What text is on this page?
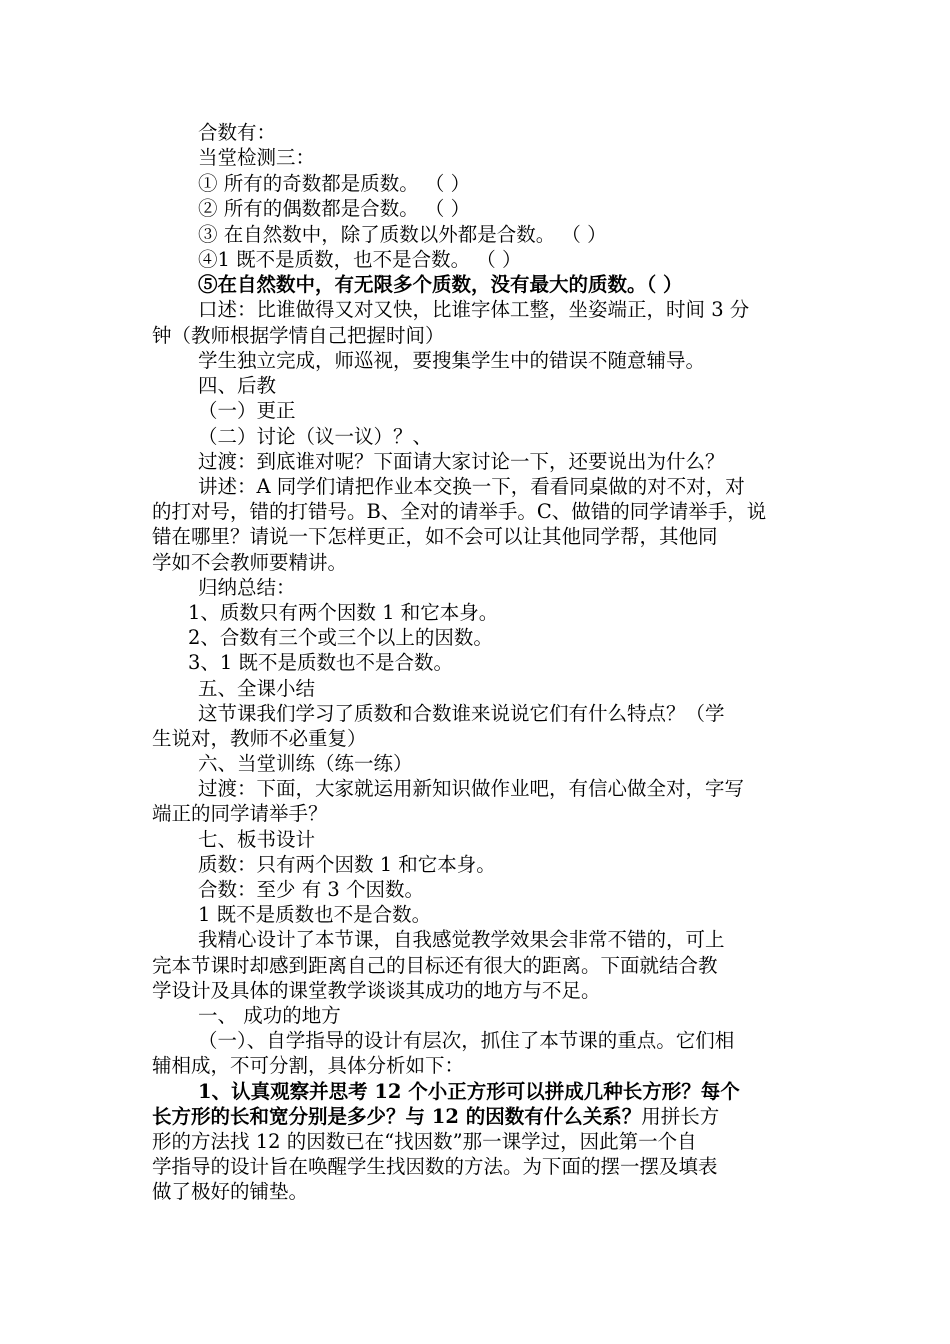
合数有：
当堂检测三：
① 所有的奇数都是质数。 （ ）
② 所有的偶数都是合数。 （ ）
③ 在自然数中，除了质数以外都是合数。 （ ）
④1 既不是质数，也不是合数。 （ ）
⑤在自然数中，有无限多个质数，没有最大的质数。（ ）
口述：比谁做得又对又快，比谁字体工整，坐姿端正，时间 3 分
钟（教师根据学情自己把握时间）
学生独立完成，师巡视，要搜集学生中的错误不随意辅导。
四、后教
（一）更正
（二）讨论（议一议）？、
过渡：到底谁对呢？下面请大家讨论一下，还要说出为什么？
讲述：A 同学们请把作业本交换一下，看看同桌做的对不对，对
的打对号，错的打错号。B、全对的请举手。C、做错的同学请举手，说
错在哪里？请说一下怎样更正，如不会可以让其他同学帮，其他同
学如不会教师要精讲。
归纳总结：
1、质数只有两个因数 1 和它本身。
2、合数有三个或三个以上的因数。
3、1 既不是质数也不是合数。
五、全课小结
这节课我们学习了质数和合数谁来说说它们有什么特点？（学
生说对，教师不必重复）
六、当堂训练（练一练）
过渡：下面，大家就运用新知识做作业吧，有信心做全对，字写
端正的同学请举手？
七、板书设计
质数：只有两个因数 1 和它本身。
合数：至少 有 3 个因数。
1 既不是质数也不是合数。
我精心设计了本节课，自我感觉教学效果会非常不错的，可上
完本节课时却感到距离自己的目标还有很大的距离。下面就结合教
学设计及具体的课堂教学谈谈其成功的地方与不足。
一、 成功的地方
（一）、自学指导的设计有层次，抓住了本节课的重点。它们相
辅相成，不可分割，具体分析如下：
1、认真观察并思考 12 个小正方形可以拼成几种长方形？每个
长方形的长和宽分别是多少？与 12 的因数有什么关系？用拼长方
形的方法找 12 的因数已在“找因数”那一课学过，因此第一个自
学指导的设计旨在唤醒学生找因数的方法。为下面的摆一摆及填表
做了极好的铺垫。
